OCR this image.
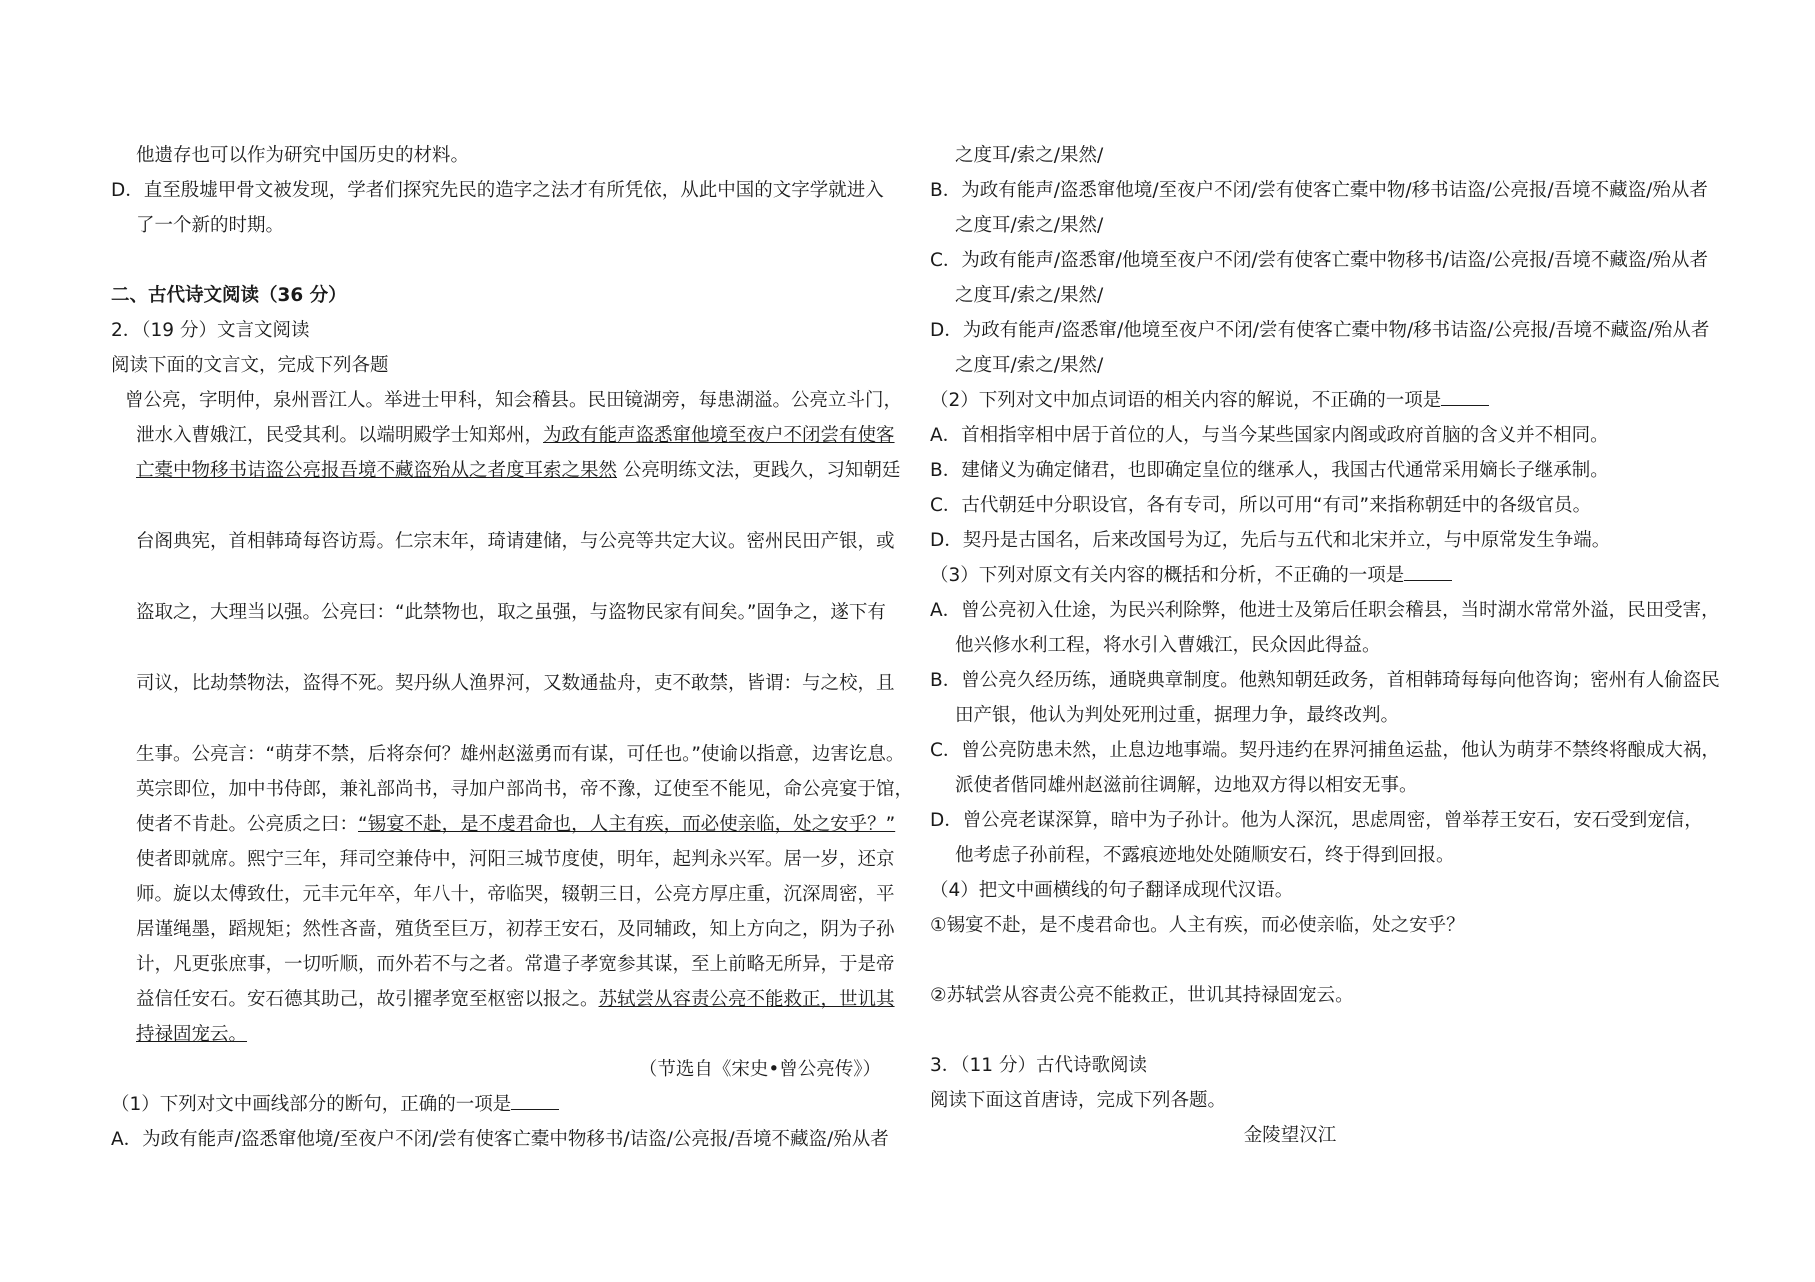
他遗存也可以作为研究中国历史的材料。
D．直至殷墟甲骨文被发现，学者们探究先民的造字之法才有所凭依，从此中国的文字学就进入
了一个新的时期。
二、古代诗文阅读（36 分）
2．（19 分）文言文阅读
阅读下面的文言文，完成下列各题
曾公亮，字明仲，泉州晋江人。举进士甲科，知会稽县。民田镜湖旁，每患湖溢。公亮立斗门，
泄水入曹娥江，民受其利。以端明殿学士知郑州，为政有能声盗悉窜他境至夜户不闭尝有使客
亡橐中物移书诘盗公亮报吾境不藏盗殆从之者度耳索之果然 公亮明练文法，更践久，习知朝廷
台阁典宪，首相韩琦每咨访焉。仁宗末年，琦请建储，与公亮等共定大议。密州民田产银，或
盗取之，大理当以强。公亮曰：“此禁物也，取之虽强，与盗物民家有间矣。”固争之，遂下有
司议，比劫禁物法，盗得不死。契丹纵人渔界河，又数通盐舟，吏不敢禁，皆谓：与之校，且
生事。公亮言：“萌芽不禁，后将奈何？雄州赵滋勇而有谋，可任也。”使谕以指意，边害讫息。
英宗即位，加中书侍郎，兼礼部尚书，寻加户部尚书，帝不豫，辽使至不能见，命公亮宴于馆，
使者不肯赴。公亮质之曰：“锡宴不赴，是不虔君命也，人主有疾，而必使亲临，处之安乎？”
使者即就席。熙宁三年，拜司空兼侍中，河阳三城节度使，明年，起判永兴军。居一岁，还京
师。旋以太傅致仕，元丰元年卒，年八十，帝临哭，辍朝三日，公亮方厚庄重，沉深周密，平
居谨绳墨，蹈规矩；然性吝啬，殖货至巨万，初荐王安石，及同辅政，知上方向之，阴为子孙
计，凡更张庶事，一切听顺，而外若不与之者。常遣子孝宽参其谋，至上前略无所异，于是帝
益信任安石。安石德其助己，故引擢孝宽至枢密以报之。苏轼尝从容责公亮不能救正，世讥其
持禄固宠云。
（节选自《宋史•曾公亮传》）
（1）下列对文中画线部分的断句，正确的一项是
A．为政有能声/盗悉窜他境/至夜户不闭/尝有使客亡橐中物移书/诘盗/公亮报/吾境不藏盗/殆从者
之度耳/索之/果然/
B．为政有能声/盗悉窜他境/至夜户不闭/尝有使客亡橐中物/移书诘盗/公亮报/吾境不藏盗/殆从者
之度耳/索之/果然/
C．为政有能声/盗悉窜/他境至夜户不闭/尝有使客亡橐中物移书/诘盗/公亮报/吾境不藏盗/殆从者
之度耳/索之/果然/
D．为政有能声/盗悉窜/他境至夜户不闭/尝有使客亡橐中物/移书诘盗/公亮报/吾境不藏盗/殆从者
之度耳/索之/果然/
（2）下列对文中加点词语的相关内容的解说，不正确的一项是
A．首相指宰相中居于首位的人，与当今某些国家内阁或政府首脑的含义并不相同。
B．建储义为确定储君，也即确定皇位的继承人，我国古代通常采用嫡长子继承制。
C．古代朝廷中分职设官，各有专司，所以可用“有司”来指称朝廷中的各级官员。
D．契丹是古国名，后来改国号为辽，先后与五代和北宋并立，与中原常发生争端。
（3）下列对原文有关内容的概括和分析，不正确的一项是
A．曾公亮初入仕途，为民兴利除弊，他进士及第后任职会稽县，当时湖水常常外溢，民田受害，
他兴修水利工程，将水引入曹娥江，民众因此得益。
B．曾公亮久经历练，通晓典章制度。他熟知朝廷政务，首相韩琦每每向他咨询；密州有人偷盗民
田产银，他认为判处死刑过重，据理力争，最终改判。
C．曾公亮防患未然，止息边地事端。契丹违约在界河捕鱼运盐，他认为萌芽不禁终将酿成大祸，
派使者偕同雄州赵滋前往调解，边地双方得以相安无事。
D．曾公亮老谋深算，暗中为子孙计。他为人深沉，思虑周密，曾举荐王安石，安石受到宠信，
他考虑子孙前程，不露痕迹地处处随顺安石，终于得到回报。
（4）把文中画横线的句子翻译成现代汉语。
①锡宴不赴，是不虔君命也。人主有疾，而必使亲临，处之安乎？
②苏轼尝从容责公亮不能救正，世讥其持禄固宠云。
3．（11 分）古代诗歌阅读
阅读下面这首唐诗，完成下列各题。
金陵望汉江
